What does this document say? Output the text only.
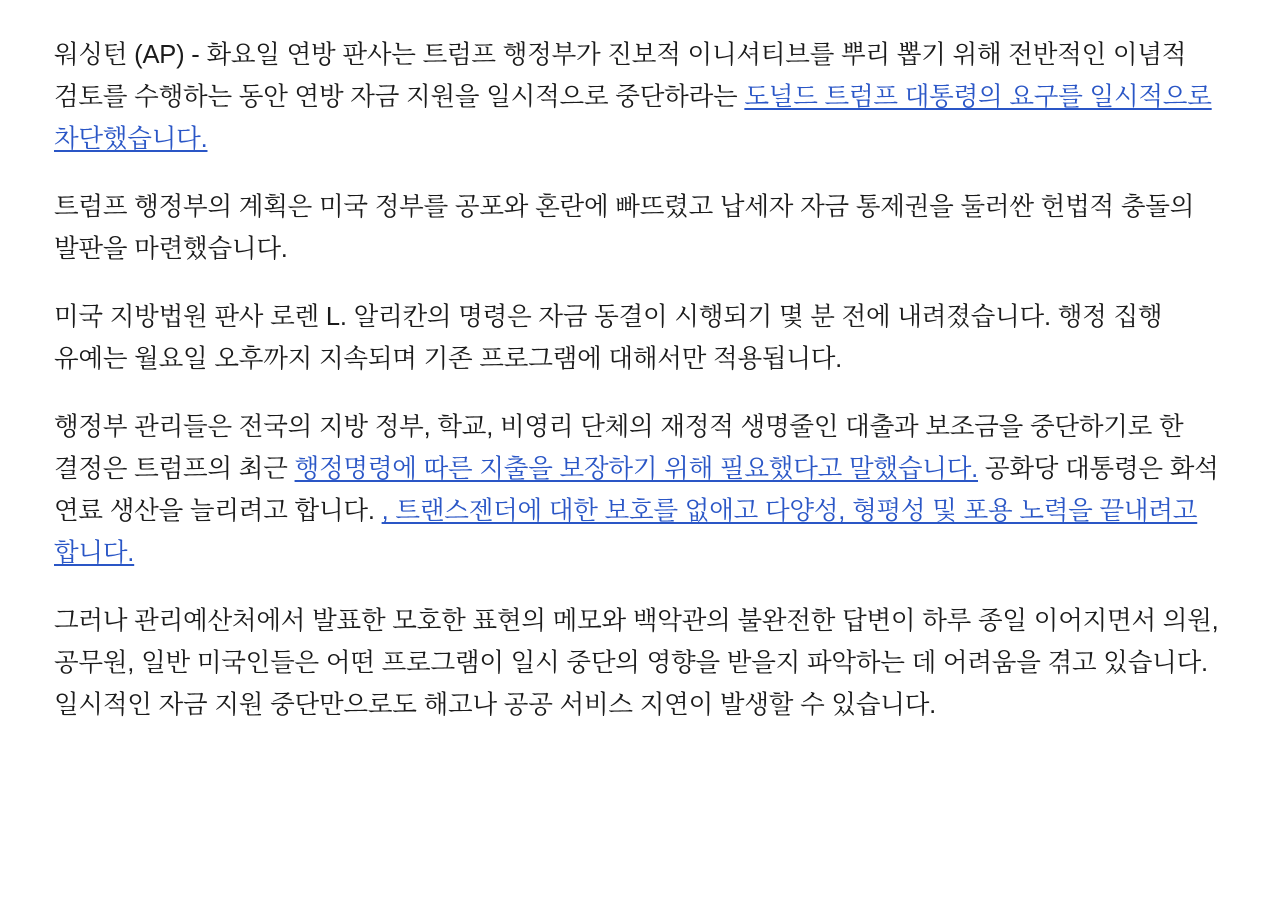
워싱턴 (AP) - 화요일 연방 판사는 트럼프 행정부가 진보적 이니셔티브를 뿌리 뽑기 위해 전반적인 이념적 검토를 수행하는 동안 연방 자금 지원을 일시적으로 중단하라는 도널드 트럼프 대통령의 요구를 일시적으로 차단했습니다.

트럼프 행정부의 계획은 미국 정부를 공포와 혼란에 빠뜨렸고 납세자 자금 통제권을 둘러싼 헌법적 충돌의 발판을 마련했습니다.

미국 지방법원 판사 로렌 L. 알리칸의 명령은 자금 동결이 시행되기 몇 분 전에 내려졌습니다. 행정 집행 유예는 월요일 오후까지 지속되며 기존 프로그램에 대해서만 적용됩니다.

행정부 관리들은 전국의 지방 정부, 학교, 비영리 단체의 재정적 생명줄인 대출과 보조금을 중단하기로 한 결정은 트럼프의 최근 행정명령에 따른 지출을 보장하기 위해 필요했다고 말했습니다. 공화당 대통령은 화석 연료 생산을 늘리려고 합니다. , 트랜스젠더에 대한 보호를 없애고 다양성, 형평성 및 포용 노력을 끝내려고 합니다.

그러나 관리예산처에서 발표한 모호한 표현의 메모와 백악관의 불완전한 답변이 하루 종일 이어지면서 의원, 공무원, 일반 미국인들은 어떤 프로그램이 일시 중단의 영향을 받을지 파악하는 데 어려움을 겪고 있습니다. 일시적인 자금 지원 중단만으로도 해고나 공공 서비스 지연이 발생할 수 있습니다.
